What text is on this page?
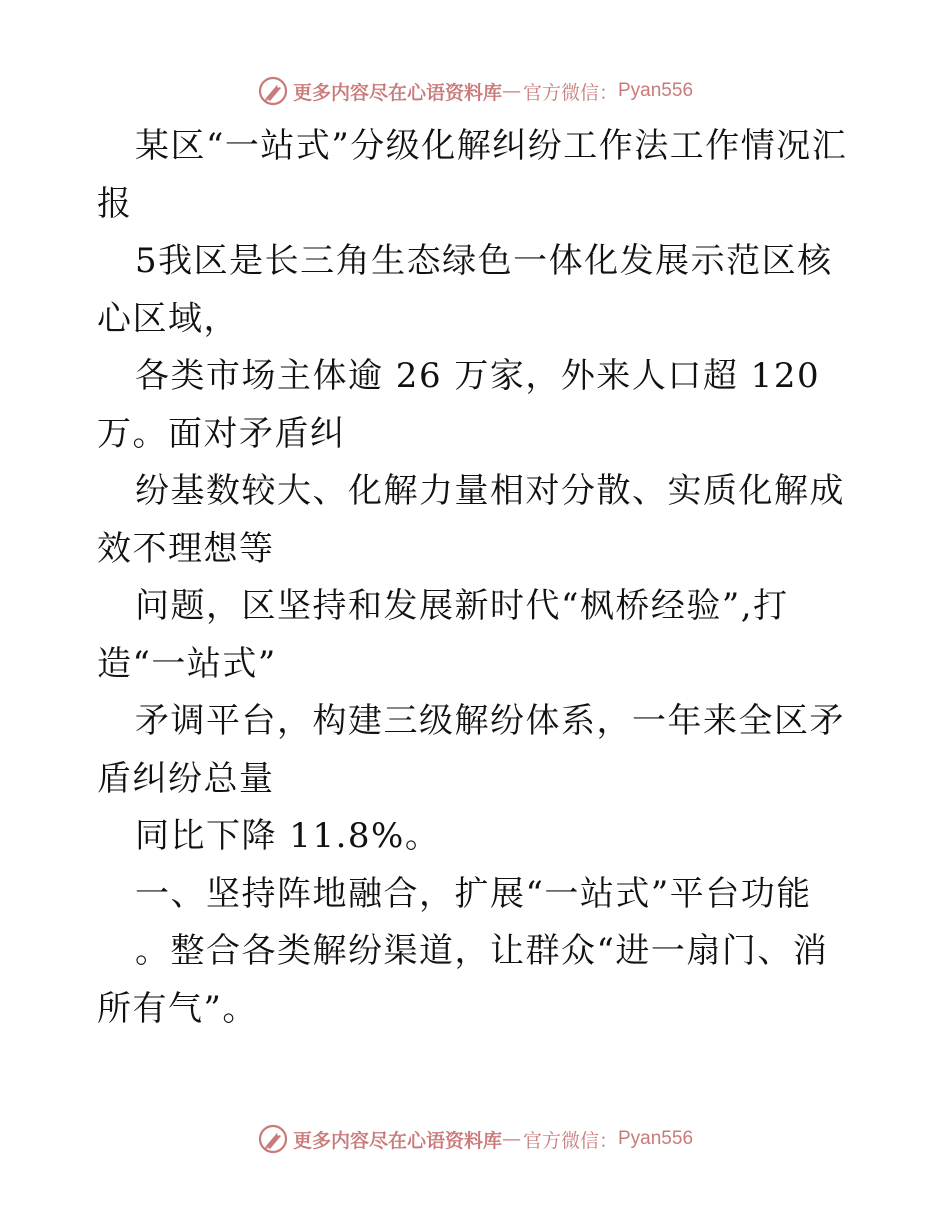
更多内容尽在心语资料库 — 官方微信： Pyan556

某区“一站式”分级化解纠纷工作法工作情况汇报

5我区是长三角生态绿色一体化发展示范区核心区域，

各类市场主体逾 26 万家，外来人口超 120 万。面对矛盾纠

纷基数较大、化解力量相对分散、实质化解成效不理想等

问题，区坚持和发展新时代“枫桥经验”,打造“一站式”

矛调平台，构建三级解纷体系，一年来全区矛盾纠纷总量

同比下降 11.8%。

一、坚持阵地融合，扩展“一站式”平台功能

。整合各类解纷渠道，让群众“进一扇门、消所有气”。

更多内容尽在心语资料库 — 官方微信： Pyan556
